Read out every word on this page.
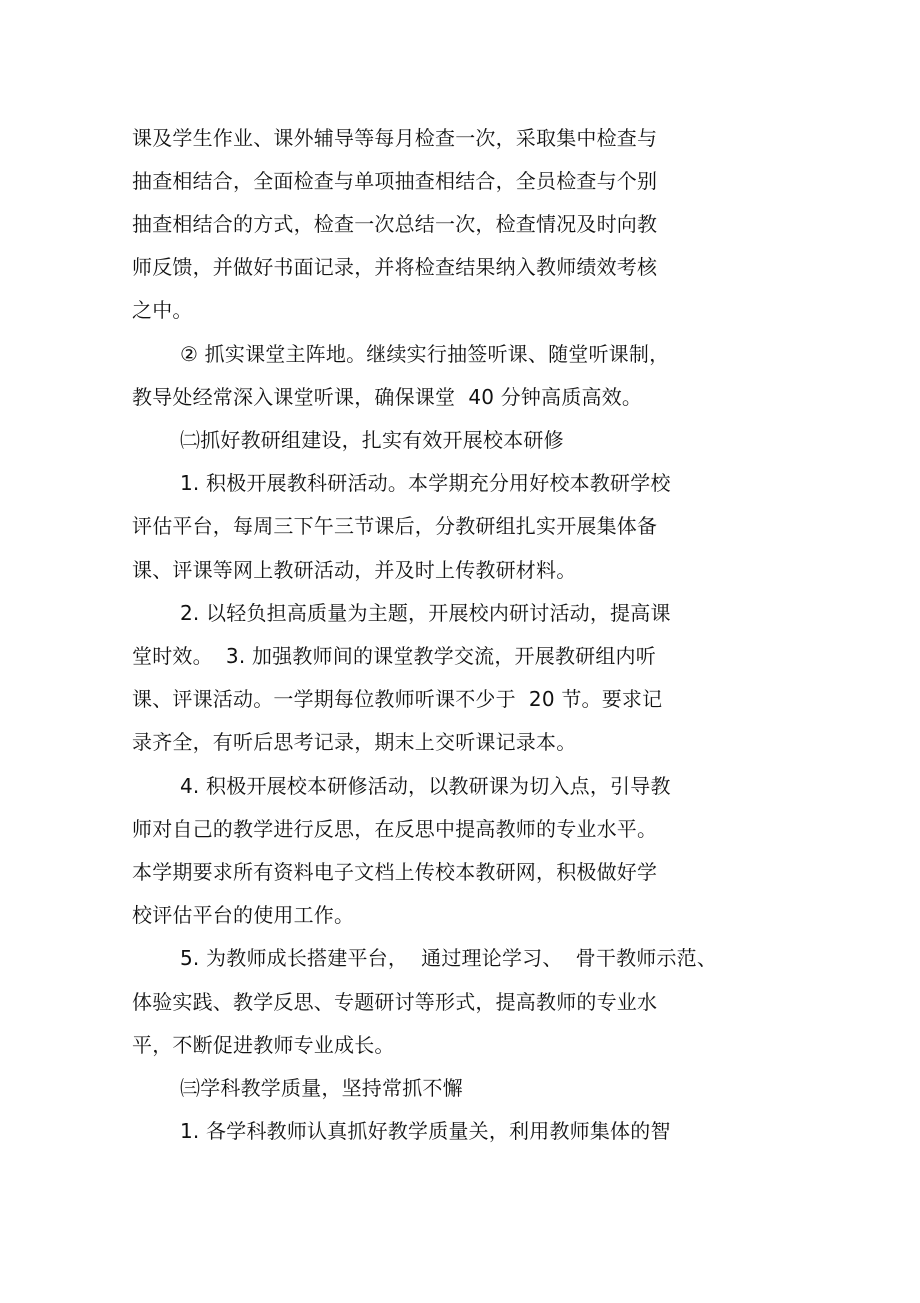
课及学生作业、课外辅导等每月检查一次，采取集中检查与
抽查相结合，全面检查与单项抽查相结合，全员检查与个别
抽查相结合的方式，检查一次总结一次，检查情况及时向教
师反馈，并做好书面记录，并将检查结果纳入教师绩效考核
之中。
② 抓实课堂主阵地。继续实行抽签听课、随堂听课制，
教导处经常深入课堂听课，确保课堂  40 分钟高质高效。
㈡抓好教研组建设，扎实有效开展校本研修
1. 积极开展教科研活动。本学期充分用好校本教研学校
评估平台，每周三下午三节课后，分教研组扎实开展集体备
课、评课等网上教研活动，并及时上传教研材料。
2. 以轻负担高质量为主题，开展校内研讨活动，提高课
堂时效。  3. 加强教师间的课堂教学交流，开展教研组内听
课、评课活动。一学期每位教师听课不少于  20 节。要求记
录齐全，有听后思考记录，期末上交听课记录本。
4. 积极开展校本研修活动，以教研课为切入点，引导教
师对自己的教学进行反思，在反思中提高教师的专业水平。
本学期要求所有资料电子文档上传校本教研网，积极做好学
校评估平台的使用工作。
5. 为教师成长搭建平台，  通过理论学习、  骨干教师示范、
体验实践、教学反思、专题研讨等形式，提高教师的专业水
平，不断促进教师专业成长。
㈢学科教学质量，坚持常抓不懈
1. 各学科教师认真抓好教学质量关，利用教师集体的智
